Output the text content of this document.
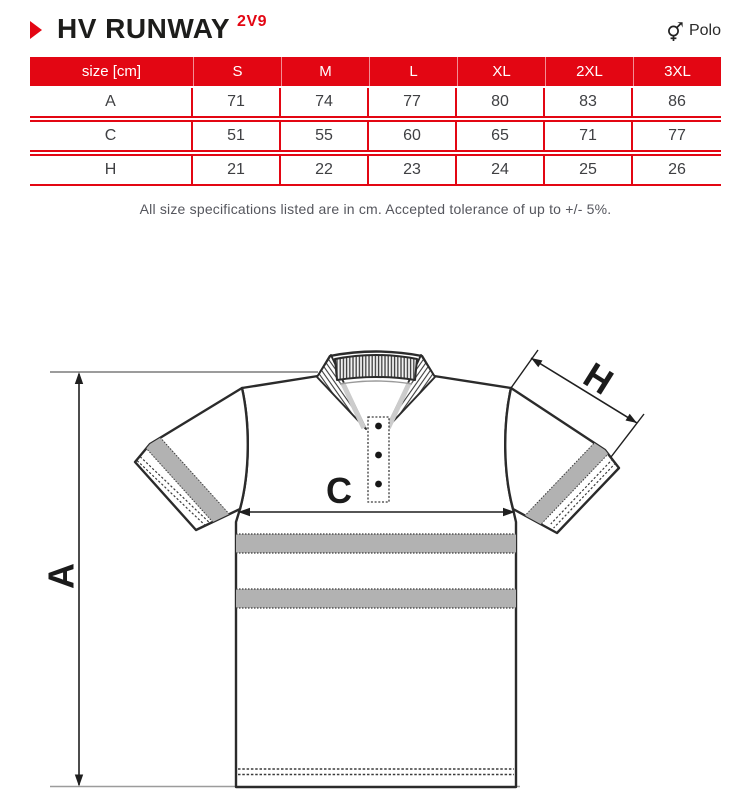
HV RUNWAY 2V9
Polo
size [cm]	S	M	L	XL	2XL	3XL
A	71	74	77	80	83	86
C	51	55	60	65	71	77
H	21	22	23	24	25	26
All size specifications listed are in cm. Accepted tolerance of up to +/- 5%.
A
C
H
